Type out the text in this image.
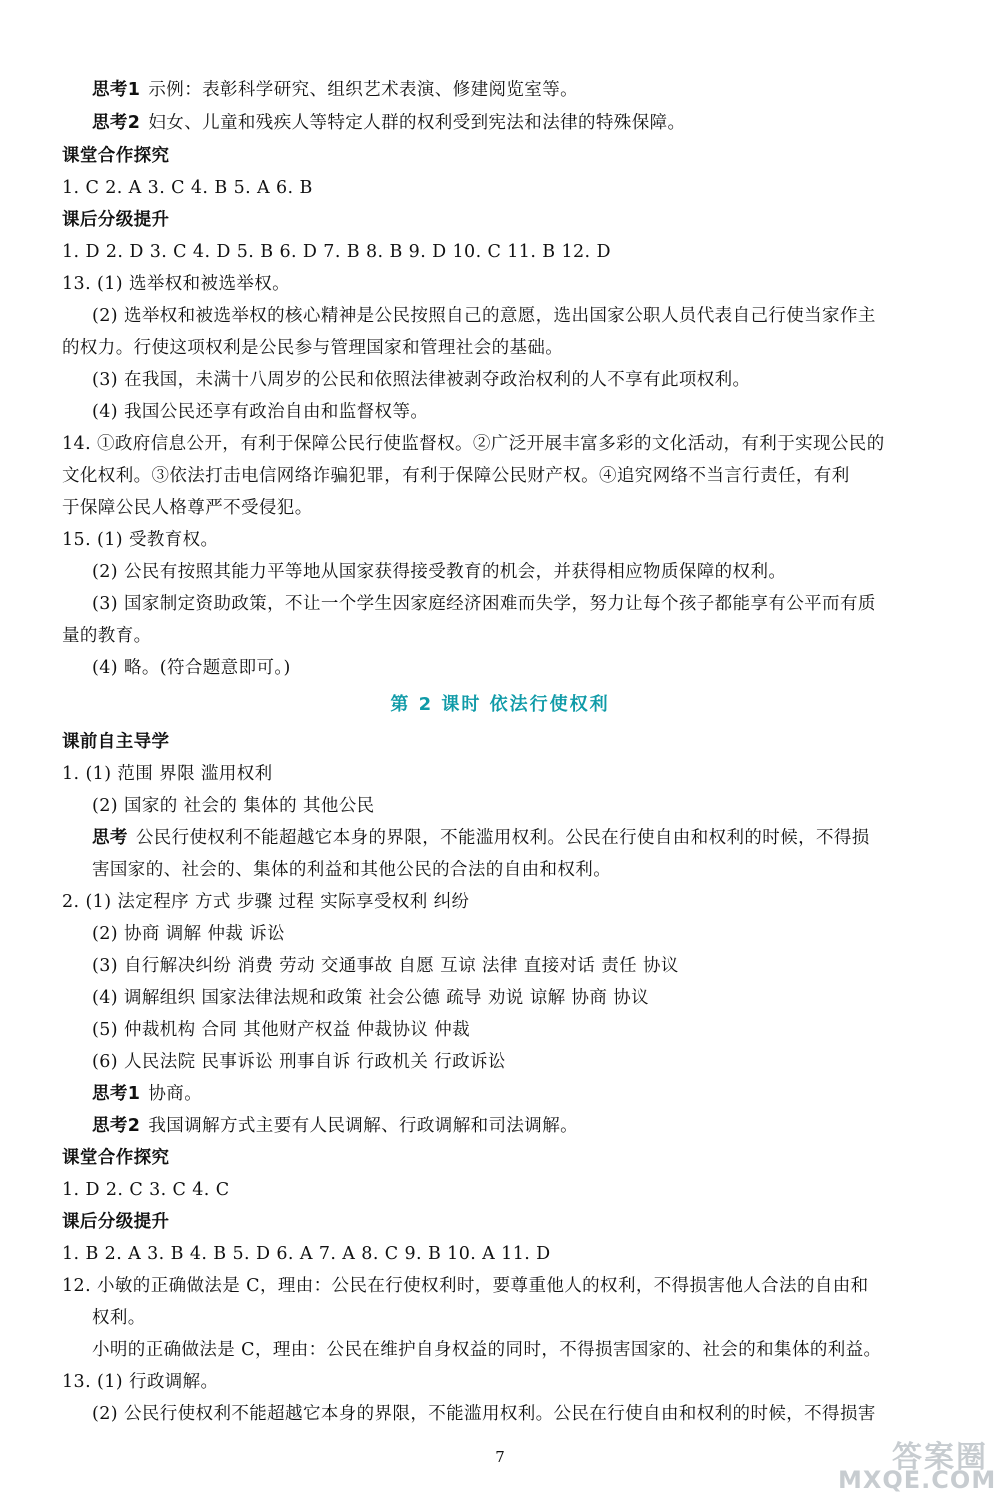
思考1 示例：表彰科学研究、组织艺术表演、修建阅览室等。
思考2 妇女、儿童和残疾人等特定人群的权利受到宪法和法律的特殊保障。
课堂合作探究
1. C 2. A 3. C 4. B 5. A 6. B
课后分级提升
1. D 2. D 3. C 4. D 5. B 6. D 7. B 8. B 9. D 10. C 11. B 12. D
13. (1) 选举权和被选举权。
(2) 选举权和被选举权的核心精神是公民按照自己的意愿，选出国家公职人员代表自己行使当家作主
的权力。行使这项权利是公民参与管理国家和管理社会的基础。
(3) 在我国，未满十八周岁的公民和依照法律被剥夺政治权利的人不享有此项权利。
(4) 我国公民还享有政治自由和监督权等。
14. ①政府信息公开，有利于保障公民行使监督权。②广泛开展丰富多彩的文化活动，有利于实现公民的
文化权利。③依法打击电信网络诈骗犯罪，有利于保障公民财产权。④追究网络不当言行责任，有利
于保障公民人格尊严不受侵犯。
15. (1) 受教育权。
(2) 公民有按照其能力平等地从国家获得接受教育的机会，并获得相应物质保障的权利。
(3) 国家制定资助政策，不让一个学生因家庭经济困难而失学，努力让每个孩子都能享有公平而有质
量的教育。
(4) 略。(符合题意即可。)
第 2 课时 依法行使权利
课前自主导学
1. (1) 范围 界限 滥用权利
(2) 国家的 社会的 集体的 其他公民
思考 公民行使权利不能超越它本身的界限，不能滥用权利。公民在行使自由和权利的时候，不得损
害国家的、社会的、集体的利益和其他公民的合法的自由和权利。
2. (1) 法定程序 方式 步骤 过程 实际享受权利 纠纷
(2) 协商 调解 仲裁 诉讼
(3) 自行解决纠纷 消费 劳动 交通事故 自愿 互谅 法律 直接对话 责任 协议
(4) 调解组织 国家法律法规和政策 社会公德 疏导 劝说 谅解 协商 协议
(5) 仲裁机构 合同 其他财产权益 仲裁协议 仲裁
(6) 人民法院 民事诉讼 刑事自诉 行政机关 行政诉讼
思考1 协商。
思考2 我国调解方式主要有人民调解、行政调解和司法调解。
课堂合作探究
1. D 2. C 3. C 4. C
课后分级提升
1. B 2. A 3. B 4. B 5. D 6. A 7. A 8. C 9. B 10. A 11. D
12. 小敏的正确做法是 C，理由：公民在行使权利时，要尊重他人的权利，不得损害他人合法的自由和
权利。
小明的正确做法是 C，理由：公民在维护自身权益的同时，不得损害国家的、社会的和集体的利益。
13. (1) 行政调解。
(2) 公民行使权利不能超越它本身的界限，不能滥用权利。公民在行使自由和权利的时候，不得损害
7	答案圈
MXQE.COM
